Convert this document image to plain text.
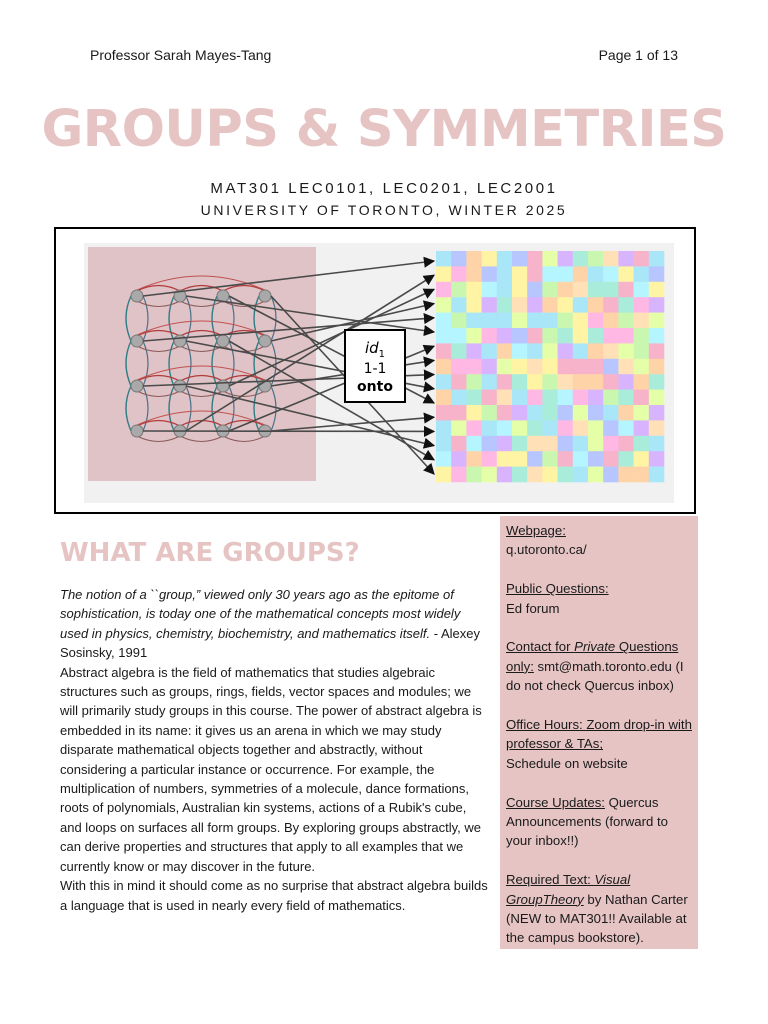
Professor Sarah Mayes-Tang	Page 1 of 13
GROUPS & SYMMETRIES
MAT301 LEC0101, LEC0201, LEC2001
UNIVERSITY OF TORONTO, WINTER 2025
$id_1$
1-1
onto
WHAT ARE GROUPS?

The notion of a ``group,” viewed only 30 years ago as the epitome of sophistication, is today one of the mathematical concepts most widely used in physics, chemistry, biochemistry, and mathematics itself. - Alexey Sosinsky, 1991

Abstract algebra is the field of mathematics that studies algebraic structures such as groups, rings, fields, vector spaces and modules; we will primarily study groups in this course. The power of abstract algebra is embedded in its name: it gives us an arena in which we may study disparate mathematical objects together and abstractly, without considering a particular instance or occurrence. For example, the multiplication of numbers, symmetries of a molecule, dance formations, roots of polynomials, Australian kin systems, actions of a Rubik's cube, and loops on surfaces all form groups. By exploring groups abstractly, we can derive properties and structures that apply to all examples that we currently know or may discover in the future.

With this in mind it should come as no surprise that abstract algebra builds a language that is used in nearly every field of mathematics.

Webpage:
q.utoronto.ca/
Public Questions:
Ed forum
Contact for Private Questions only: smt@math.toronto.edu (I do not check Quercus inbox)
Office Hours: Zoom drop-in with professor & TAs;
Schedule on website
Course Updates: Quercus Announcements (forward to your inbox!!)
Required Text: Visual GroupTheory by Nathan Carter (NEW to MAT301!! Available at the campus bookstore).
